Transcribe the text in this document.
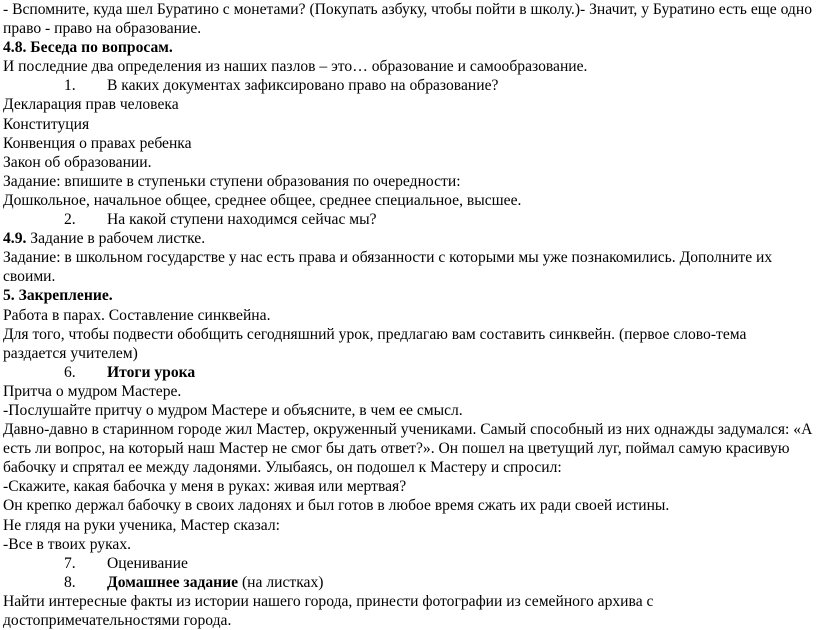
- Вспомните, куда шел Буратино с монетами? (Покупать азбуку, чтобы пойти в школу.)- Значит, у Буратино есть еще одно право - право на образование.

4.8. Беседа по вопросам.

И последние два определения из наших пазлов – это… образование и самообразование.

1. В каких документах зафиксировано право на образование?

Декларация прав человека

Конституция

Конвенция о правах ребенка

Закон об образовании.

Задание: впишите в ступеньки ступени образования по очередности:

Дошкольное, начальное общее, среднее общее, среднее специальное, высшее.

2. На какой ступени находимся сейчас мы?

4.9. Задание в рабочем листке.

Задание: в школьном государстве у нас есть права и обязанности с которыми мы уже познакомились. Дополните их своими.

5. Закрепление.

Работа в парах. Составление синквейна.

Для того, чтобы подвести обобщить сегодняшний урок, предлагаю вам составить синквейн. (первое слово-тема раздается учителем)

6. Итоги урока

Притча о мудром Мастере.

-Послушайте притчу о мудром Мастере и объясните, в чем ее смысл.

Давно-давно в старинном городе жил Мастер, окруженный учениками. Самый способный из них однажды задумался: «А есть ли вопрос, на который наш Мастер не смог бы дать ответ?». Он пошел на цветущий луг, поймал самую красивую бабочку и спрятал ее между ладонями. Улыбаясь, он подошел к Мастеру и спросил:

-Скажите, какая бабочка у меня в руках: живая или мертвая?

Он крепко держал бабочку в своих ладонях и был готов в любое время сжать их ради своей истины.

Не глядя на руки ученика, Мастер сказал:

-Все в твоих руках.

7. Оценивание

8. Домашнее задание (на листках)

Найти интересные факты из истории нашего города, принести фотографии из семейного архива с достопримечательностями города.
